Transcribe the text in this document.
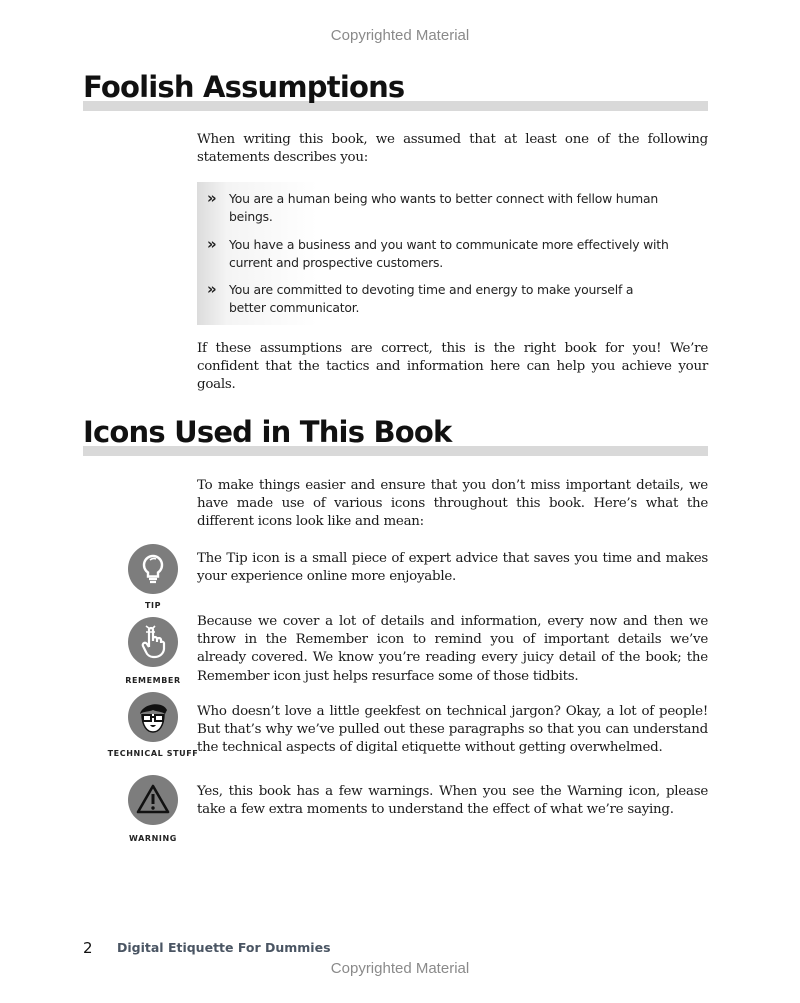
Copyrighted Material
Foolish Assumptions
When writing this book, we assumed that at least one of the following statements describes you:
» You are a human being who wants to better connect with fellow human beings.
» You have a business and you want to communicate more effectively with current and prospective customers.
» You are committed to devoting time and energy to make yourself a better communicator.
If these assumptions are correct, this is the right book for you! We’re confident that the tactics and information here can help you achieve your goals.
Icons Used in This Book
To make things easier and ensure that you don’t miss important details, we have made use of various icons throughout this book. Here’s what the different icons look like and mean:
TIP
The Tip icon is a small piece of expert advice that saves you time and makes your experience online more enjoyable.
REMEMBER
Because we cover a lot of details and information, every now and then we throw in the Remember icon to remind you of important details we’ve already covered. We know you’re reading every juicy detail of the book; the Remember icon just helps resurface some of those tidbits.
TECHNICAL STUFF
Who doesn’t love a little geekfest on technical jargon? Okay, a lot of people! But that’s why we’ve pulled out these paragraphs so that you can understand the technical aspects of digital etiquette without getting overwhelmed.
WARNING
Yes, this book has a few warnings. When you see the Warning icon, please take a few extra moments to understand the effect of what we’re saying.
2 Digital Etiquette For Dummies
Copyrighted Material
